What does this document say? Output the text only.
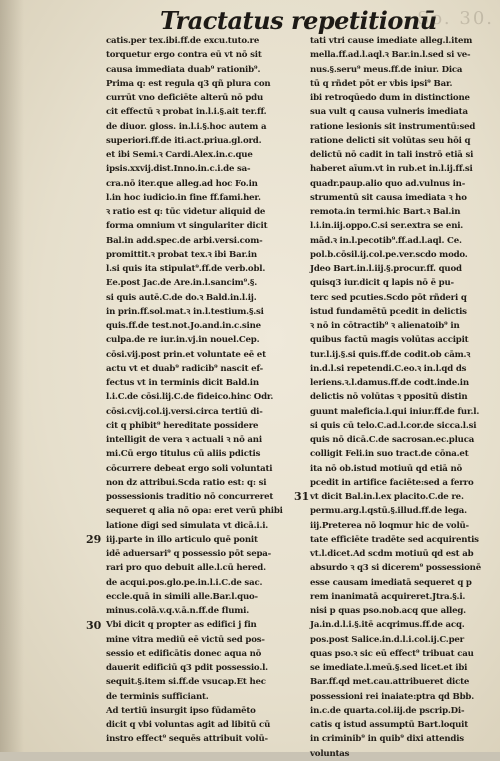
So. 30.
Tractatus repetitionū
catis.per tex.ibi.ff.de excu.tuto.re
torquetur ergo contra eū vt nō sit
causa immediata duab⁹ rationib⁹.
Prima q: est regula q3 qñ plura con
currūt vno deficiēte alterū nō pdu
cit effectū ꝛ probat in.l.i.§.ait ter.ff.
de diuor. gloss. in.l.i.§.hoc autem a
superiori.ff.de iti.act.priua.gl.ord.
et ibi Semi.ꝛ Cardi.Alex.in.c.que
ipsis.xxvij.dist.Inno.in.c.i.de sa-
cra.nō iter.que alleg.ad hoc Fo.in
l.in hoc iudicio.in fine ff.fami.her.
ꝛ ratio est q: tūc videtur aliquid de
forma omnium vt singulariter dicit
Bal.in add.spec.de arbi.versi.com-
promittit.ꝛ probat tex.ꝛ ibi Bar.in
l.si quis ita stipulat⁹.ff.de verb.obl.
Ee.post Jac.de Are.in.l.sancim⁹.§.
si quis autē.C.de do.ꝛ Bald.in.l.ij.
in prin.ff.sol.mat.ꝛ in.l.testium.§.si
quis.ff.de test.not.Jo.and.in.c.sine
culpa.de re iur.in.vj.in nouel.Cep.
cōsi.vij.post prin.et voluntate eē et
actu vt et duab⁹ radicib⁹ nascit ef-
fectus vt in terminis dicit Bald.in
l.i.C.de cōsi.lij.C.de fideico.hinc Odr.
cōsi.cvij.col.ij.versi.circa tertiū di-
cit q phibit⁹ hereditate possidere
intelligit de vera ꝛ actuali ꝛ nō ani
mi.Cū ergo titulus cū aliis pdictis
cōcurrere debeat ergo soli voluntati
non dz attribui.Scda ratio est: q: si
possessionis traditio nō concurreret
sequeret q alia nō opa: eret verū phibi
latione dīgi sed simulata vt dicā.i.i.
iij.parte in illo articulo quē ponit
idē aduersari⁹ q possessio pōt sepa-
rari pro quo debuit alle.l.cū hered.
de acqui.pos.glo.pe.in.l.i.C.de sac.
eccle.quā in simili alle.Bar.l.quo-
minus.colā.v.q.v.ā.n.ff.de flumi.
Vbi dicit q propter as edifici j fin
mine vitra mediū eē victū sed pos-
sessio et edificātis donec aqua nō
dauerit edificiū q3 pdit possessio.l.
sequit.§.item si.ff.de vsucap.Et hec
de terminis sufficiant.
Ad tertiū insurgit ipso fūdamēto
dicit q vbi voluntas agit ad libitū cū
instro effect⁹ sequēs attribuit volū-
tati vtri cause imediate alleg.l.item
mella.ff.ad.l.aql.ꝛ Bar.in.l.sed si ve-
nus.§.seru⁹ meus.ff.de iniur. Dica
tū q rñdet pōt er vbis ipsi⁹ Bar.
ibi retroqūedo dum in distinctione
sua vult q causa vulneris imediata
ratione lesionis sit instrumentū:sed
ratione delicti sit volūtas seu hōi q
delictū nō cadit in tali instrō etiā si
haberet aīum.vt in rub.et in.l.ij.ff.si
quadr.paup.alio quo ad.vulnus in-
strumentū sit causa imediata ꝛ ho
remota.in termi.hic Bart.ꝛ Bal.in
l.i.in.iij.oppo.C.si ser.extra se eni.
mād.ꝛ in.l.pecotib⁹.ff.ad.l.aql. Ce.
pol.b.cōsil.ij.col.pe.ver.scdo modo.
Jdeo Bart.in.l.iij.§.procur.ff. quod
quisq3 iur.dicit q lapis nō ē pu-
terc sed pcuties.Scdo pōt rñderi q
istud fundamētū pcedit in delictis
ꝛ nō in cōtractib⁹ ꝛ alienatoib⁹ in
quibus factū magis volūtas accipit
tur.l.ij.§.si quis.ff.de codit.ob cām.ꝛ
in.d.l.si repetendi.C.eo.ꝛ in.l.qd ds
leriens.ꝛ.l.damus.ff.de codt.inde.in
delictis nō volūtas ꝛ ppositū distin
guunt maleficia.l.qui iniur.ff.de fur.l.
si quis cū telo.C.ad.l.cor.de sicca.l.si
quis nō dicā.C.de sacrosan.ec.pluca
colligit Feli.in suo tract.de cōna.et
ita nō ob.istud motiuū qd etiā nō
pcedit in artifice faciēte:sed a ferro
vt dicit Bal.in.l.ex placito.C.de re.
permu.arg.l.qstū.§.illud.ff.de lega.
iij.Preterea nō loqmur hic de volū-
tate efficiēte tradēte sed acquirentis
vt.l.dicet.Ad scdm motiuū qd est ab
absurdo ꝛ q3 si dicerem⁹ possessionē
esse causam imediatā sequeret q p
rem inanimatā acquireret.Jtra.§.i.
nisi p quas pso.nob.acq que alleg.
Ja.in.d.l.i.§.itē acqrimus.ff.de acq.
pos.post Salice.in.d.l.i.col.ij.C.per
quas pso.ꝛ sic eū effect⁹ tribuat cau
se imediate.l.meū.§.sed licet.et ibi
Bar.ff.qd met.cau.attribueret dicte
possessioni rei inaiate:ptra qd Bbb.
in.c.de quarta.col.iij.de pscrip.Di-
catis q istud assumptū Bart.loquit
in criminib⁹ in quib⁹ dixi attendis
voluntas
29
30
31
